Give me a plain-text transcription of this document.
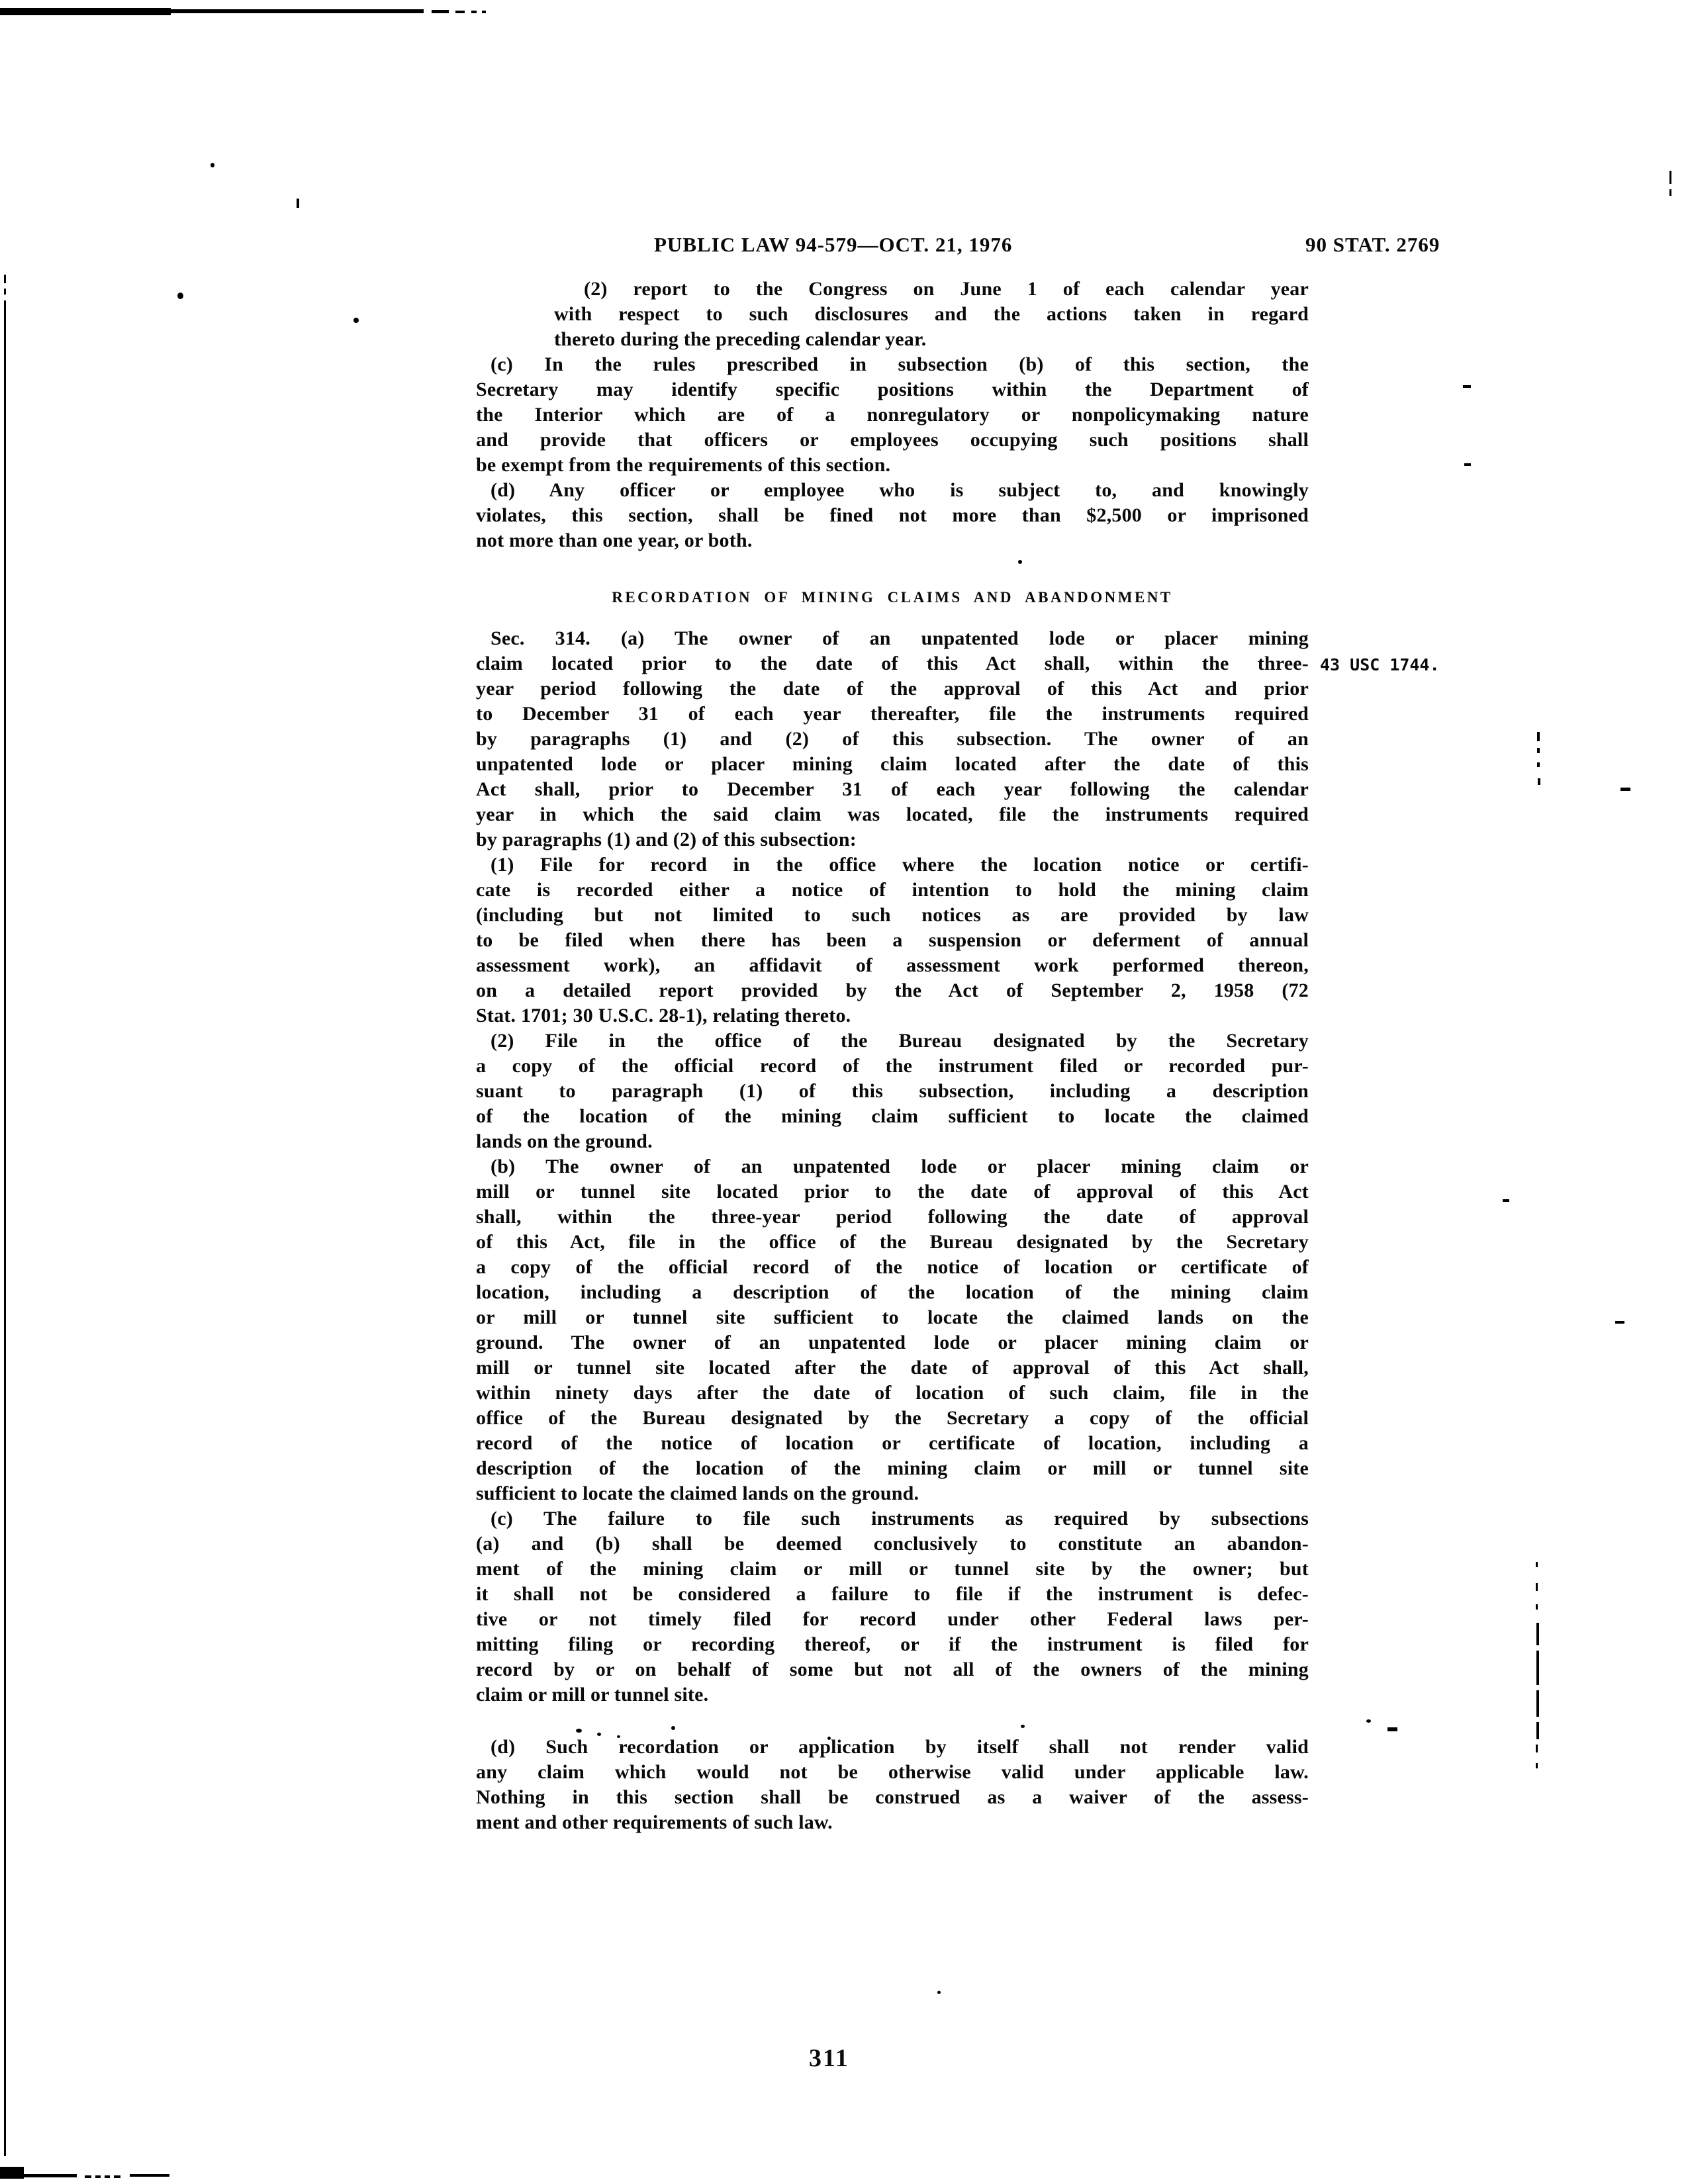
PUBLIC LAW 94-579—OCT. 21, 1976	90 STAT. 2769
(2) report to the Congress on June 1 of each calendar year
with respect to such disclosures and the actions taken in regard
thereto during the preceding calendar year.
(c) In the rules prescribed in subsection (b) of this section, the
Secretary may identify specific positions within the Department of
the Interior which are of a nonregulatory or nonpolicymaking nature
and provide that officers or employees occupying such positions shall
be exempt from the requirements of this section.
(d) Any officer or employee who is subject to, and knowingly
violates, this section, shall be fined not more than $2,500 or imprisoned
not more than one year, or both.
RECORDATION OF MINING CLAIMS AND ABANDONMENT
Sec. 314. (a) The owner of an unpatented lode or placer mining
claim located prior to the date of this Act shall, within the three-
year period following the date of the approval of this Act and prior
to December 31 of each year thereafter, file the instruments required
by paragraphs (1) and (2) of this subsection. The owner of an
unpatented lode or placer mining claim located after the date of this
Act shall, prior to December 31 of each year following the calendar
year in which the said claim was located, file the instruments required
by paragraphs (1) and (2) of this subsection:
(1) File for record in the office where the location notice or certifi-
cate is recorded either a notice of intention to hold the mining claim
(including but not limited to such notices as are provided by law
to be filed when there has been a suspension or deferment of annual
assessment work), an affidavit of assessment work performed thereon,
on a detailed report provided by the Act of September 2, 1958 (72
Stat. 1701; 30 U.S.C. 28-1), relating thereto.
(2) File in the office of the Bureau designated by the Secretary
a copy of the official record of the instrument filed or recorded pur-
suant to paragraph (1) of this subsection, including a description
of the location of the mining claim sufficient to locate the claimed
lands on the ground.
(b) The owner of an unpatented lode or placer mining claim or
mill or tunnel site located prior to the date of approval of this Act
shall, within the three-year period following the date of approval
of this Act, file in the office of the Bureau designated by the Secretary
a copy of the official record of the notice of location or certificate of
location, including a description of the location of the mining claim
or mill or tunnel site sufficient to locate the claimed lands on the
ground. The owner of an unpatented lode or placer mining claim or
mill or tunnel site located after the date of approval of this Act shall,
within ninety days after the date of location of such claim, file in the
office of the Bureau designated by the Secretary a copy of the official
record of the notice of location or certificate of location, including a
description of the location of the mining claim or mill or tunnel site
sufficient to locate the claimed lands on the ground.
(c) The failure to file such instruments as required by subsections
(a) and (b) shall be deemed conclusively to constitute an abandon-
ment of the mining claim or mill or tunnel site by the owner; but
it shall not be considered a failure to file if the instrument is defec-
tive or not timely filed for record under other Federal laws per-
mitting filing or recording thereof, or if the instrument is filed for
record by or on behalf of some but not all of the owners of the mining
claim or mill or tunnel site.
(d) Such recordation or application by itself shall not render valid
any claim which would not be otherwise valid under applicable law.
Nothing in this section shall be construed as a waiver of the assess-
ment and other requirements of such law.
43 USC 1744.
311
